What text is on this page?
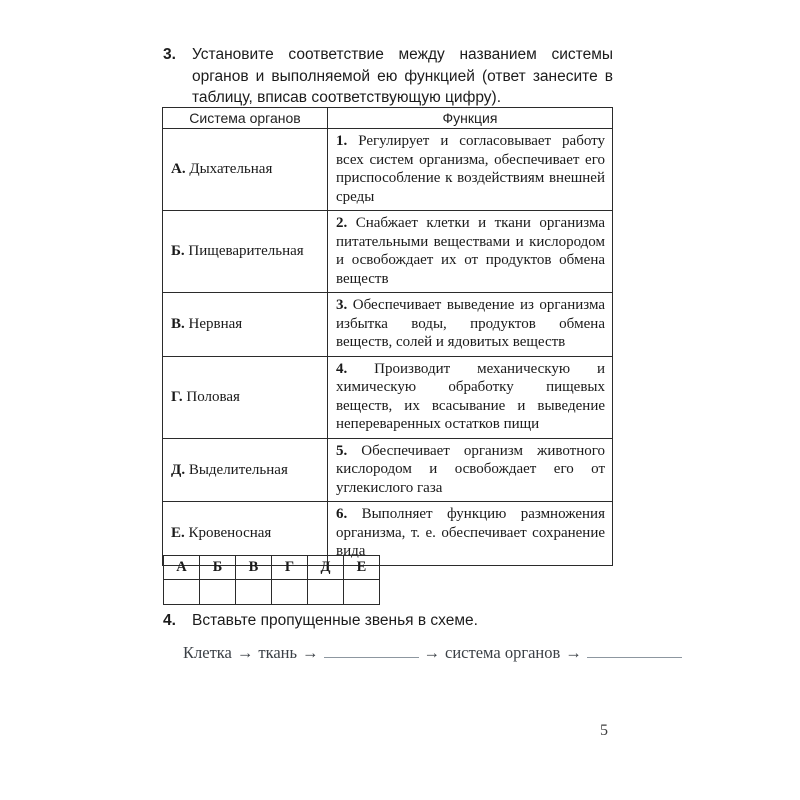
3.	Установите соответствие между названием системы органов и выполняемой ею функцией (ответ занесите в таблицу, вписав соответствующую цифру).
Система органов	Функция
А. Дыхательная	1. Регулирует и согласовывает работу всех систем организма, обеспечивает его приспособление к воздействиям внешней среды
Б. Пищеварительная	2. Снабжает клетки и ткани организма питательными веществами и кислородом и освобождает их от продуктов обмена веществ
В. Нервная	3. Обеспечивает выведение из организма избытка воды, продуктов обмена веществ, солей и ядовитых веществ
Г. Половая	4. Производит механическую и химическую обработку пищевых веществ, их всасывание и выведение непереваренных остатков пищи
Д. Выделительная	5. Обеспечивает организм животного кислородом и освобождает его от углекислого газа
Е. Кровеносная	6. Выполняет функцию размножения организма, т. е. обеспечивает сохранение вида
А	Б	В	Г	Д	Е

4.	Вставьте пропущенные звенья в схеме.
Клетка → ткань →	→ система органов →
5
